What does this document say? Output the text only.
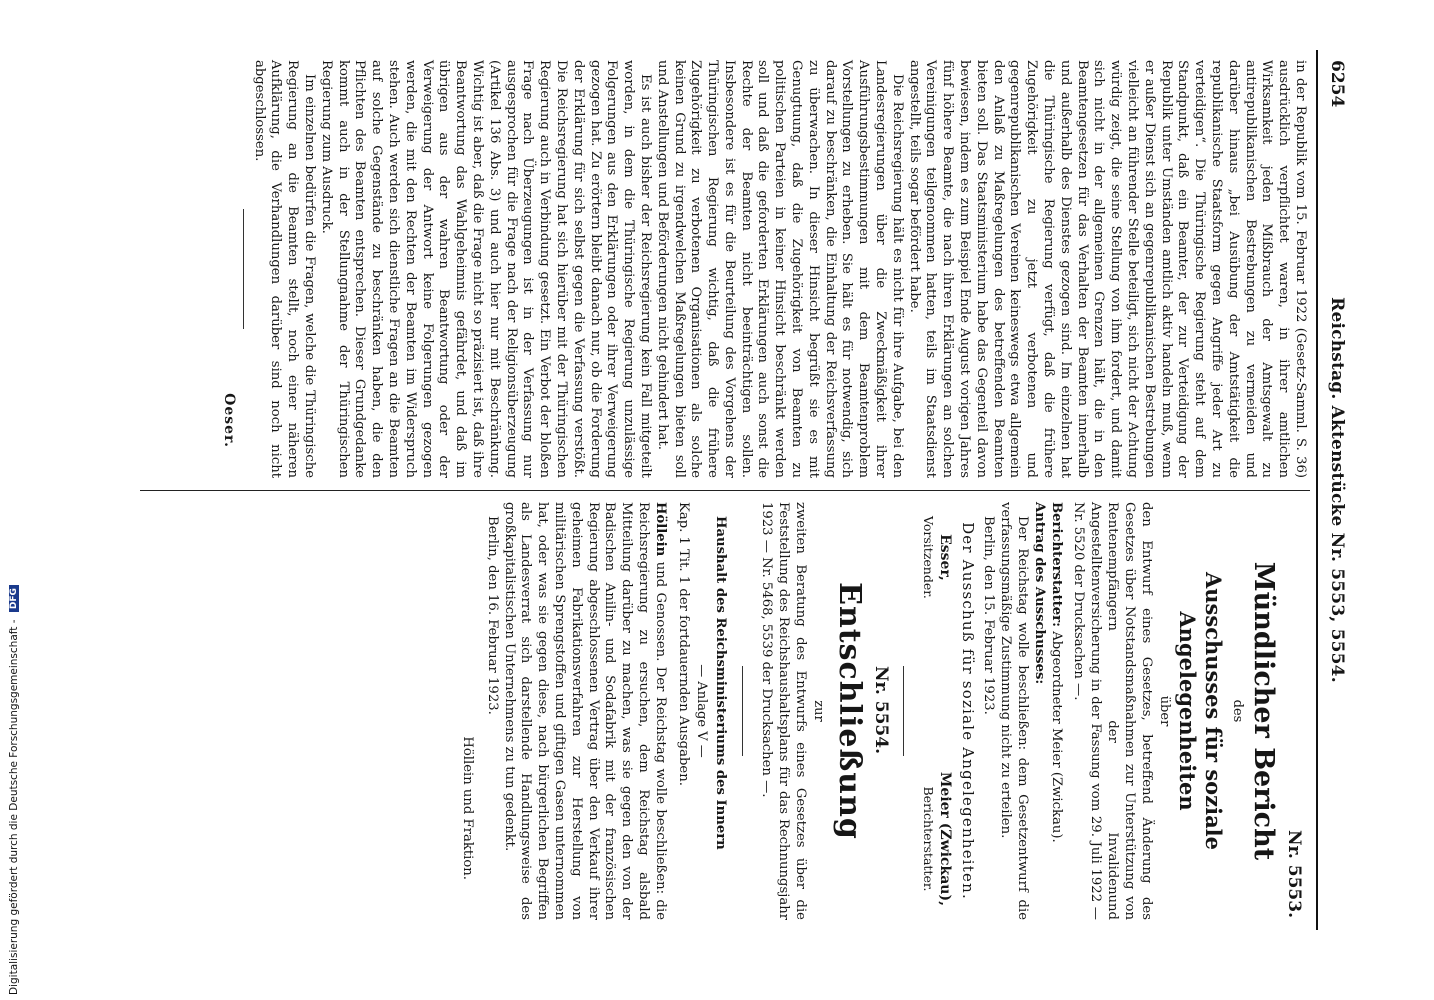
Digitalisierung gefördert durch die Deutsche Forschungsgemeinschaft - DFG
6254
Reichstag. Aktenstücke Nr. 5553, 5554.

in der Republik vom 15. Februar 1922 (Gesetz-Samml. S. 36) ausdrücklich verpflichtet waren, in ihrer amtlichen Wirksamkeit jeden Mißbrauch der Amtsgewalt zu antirepublikanischen Bestrebungen zu vermeiden und darüber hinaus „bei Ausübung der Amtstätigkeit die republikanische Staatsform gegen Angriffe jeder Art zu verteidigen“. Die Thüringische Regierung steht auf dem Standpunkt, daß ein Beamter, der zur Verteidigung der Republik unter Umständen amtlich aktiv handeln muß, wenn er außer Dienst sich an gegenrepublikanischen Bestrebungen vielleicht an führender Stelle beteiligt, sich nicht der Achtung würdig zeigt, die seine Stellung von ihm fordert, und damit sich nicht in der allgemeinen Grenzen hält, die in den Beamtengesetzen für das Verhalten der Beamten innerhalb und außerhalb des Dienstes gezogen sind. Im einzelnen hat die Thüringische Regierung verfügt, daß die frühere Zugehörigkeit zu jetzt verbotenen und gegenrepublikanischen Vereinen keineswegs etwa allgemein den Anlaß zu Maßregelungen des betreffenden Beamten bieten soll. Das Staatsministerium habe das Gegenteil davon bewiesen, indem es zum Beispiel Ende August vorigen Jahres fünf höhere Beamte, die nach ihren Erklärungen an solchen Vereinigungen teilgenommen hatten, teils im Staatsdienst angestellt, teils sogar befördert habe.

Die Reichsregierung hält es nicht für ihre Aufgabe, bei den Landesregierungen über die Zweckmäßigkeit ihrer Ausführungsbestimmungen mit dem Beamtenproblem Vorstellungen zu erheben. Sie hält es für notwendig, sich darauf zu beschränken, die Einhaltung der Reichsverfassung zu überwachen. In dieser Hinsicht begrüßt sie es mit Genugtuung, daß die Zugehörigkeit von Beamten zu politischen Parteien in keiner Hinsicht beschränkt werden soll und daß die geforderten Erklärungen auch sonst die Rechte der Beamten nicht beeinträchtigen sollen. Insbesondere ist es für die Beurteilung des Vorgehens der Thüringischen Regierung wichtig, daß die frühere Zugehörigkeit zu verbotenen Organisationen als solche keinen Grund zu irgendwelchen Maßregelungen bieten soll und Anstellungen und Beförderungen nicht gehindert hat.

Es ist auch bisher der Reichsregierung kein Fall mitgeteilt worden, in dem die Thüringische Regierung unzulässige Folgerungen aus den Erklärungen oder ihrer Verweigerung gezogen hat. Zu erörtern bleibt danach nur, ob die Forderung der Erklärung für sich selbst gegen die Verfassung verstößt. Die Reichsregierung hat sich hierüber mit der Thüringischen Regierung auch in Verbindung gesetzt. Ein Verbot der bloßen Frage nach Überzeugungen ist in der Verfassung nur ausgesprochen für die Frage nach der Religionsüberzeugung (Artikel 136 Abs. 3) und auch hier nur mit Beschränkung. Wichtig ist aber, daß die Frage nicht so präzisiert ist, daß ihre Beantwortung das Wahlgeheimnis gefährdet, und daß im übrigen aus der wahren Beantwortung oder der Verweigerung der Antwort keine Folgerungen gezogen werden, die mit den Rechten der Beamten im Widerspruch stehen. Auch werden sich dienstliche Fragen an die Beamten auf solche Gegenstände zu beschränken haben, die den Pflichten des Beamten entsprechen. Dieser Grundgedanke kommt auch in der Stellungnahme der Thüringischen Regierung zum Ausdruck.

Im einzelnen bedürfen die Fragen, welche die Thüringische Regierung an die Beamten stellt, noch einer näheren Aufklärung, die Verhandlungen darüber sind noch nicht abgeschlossen.

Oeser.
Nr. 5553.
Mündlicher Bericht
des
Ausschusses für soziale Angelegenheiten
über

den Entwurf eines Gesetzes, betreffend Änderung des Gesetzes über Notstandsmaßnahmen zur Unterstützung von Rentenempfängern der Invalidenund Angestelltenversicherung in der Fassung vom 29. Juli 1922 — Nr. 5520 der Drucksachen —.

Berichterstatter: Abgeordneter Meier (Zwickau).

Antrag des Ausschusses:

Der Reichstag wolle beschließen: dem Gesetzentwurf die verfassungsmäßige Zustimmung nicht zu erteilen.

Berlin, den 15. Februar 1923.

Der Ausschuß für soziale Angelegenheiten.
Esser,
Vorsitzender.
Meier (Zwickau),
Berichterstatter.
Nr. 5554.
Entschließung
zur

zweiten Beratung des Entwurfs eines Gesetzes über die Feststellung des Reichshaushaltsplans für das Rechnungsjahr 1923 — Nr. 5468, 5539 der Drucksachen —.

Haushalt des Reichsministeriums des Innern

— Anlage V —

Kap. 1 Tit. 1 der fortdauernden Ausgaben.

Höllein und Genossen. Der Reichstag wolle beschließen: die Reichsregierung zu ersuchen, dem Reichstag alsbald Mitteilung darüber zu machen, was sie gegen den von der Badischen Anilin- und Sodafabrik mit der französischen Regierung abgeschlossenen Vertrag über den Verkauf ihrer geheimen Fabrikationsverfahren zur Herstellung von militärischen Sprengstoffen und giftigen Gasen unternommen hat, oder was sie gegen diese, nach bürgerlichen Begriffen als Landesverrat sich darstellende Handlungsweise des großkapitalistischen Unternehmens zu tun gedenkt.

Berlin, den 16. Februar 1923.

Höllein und Fraktion.
